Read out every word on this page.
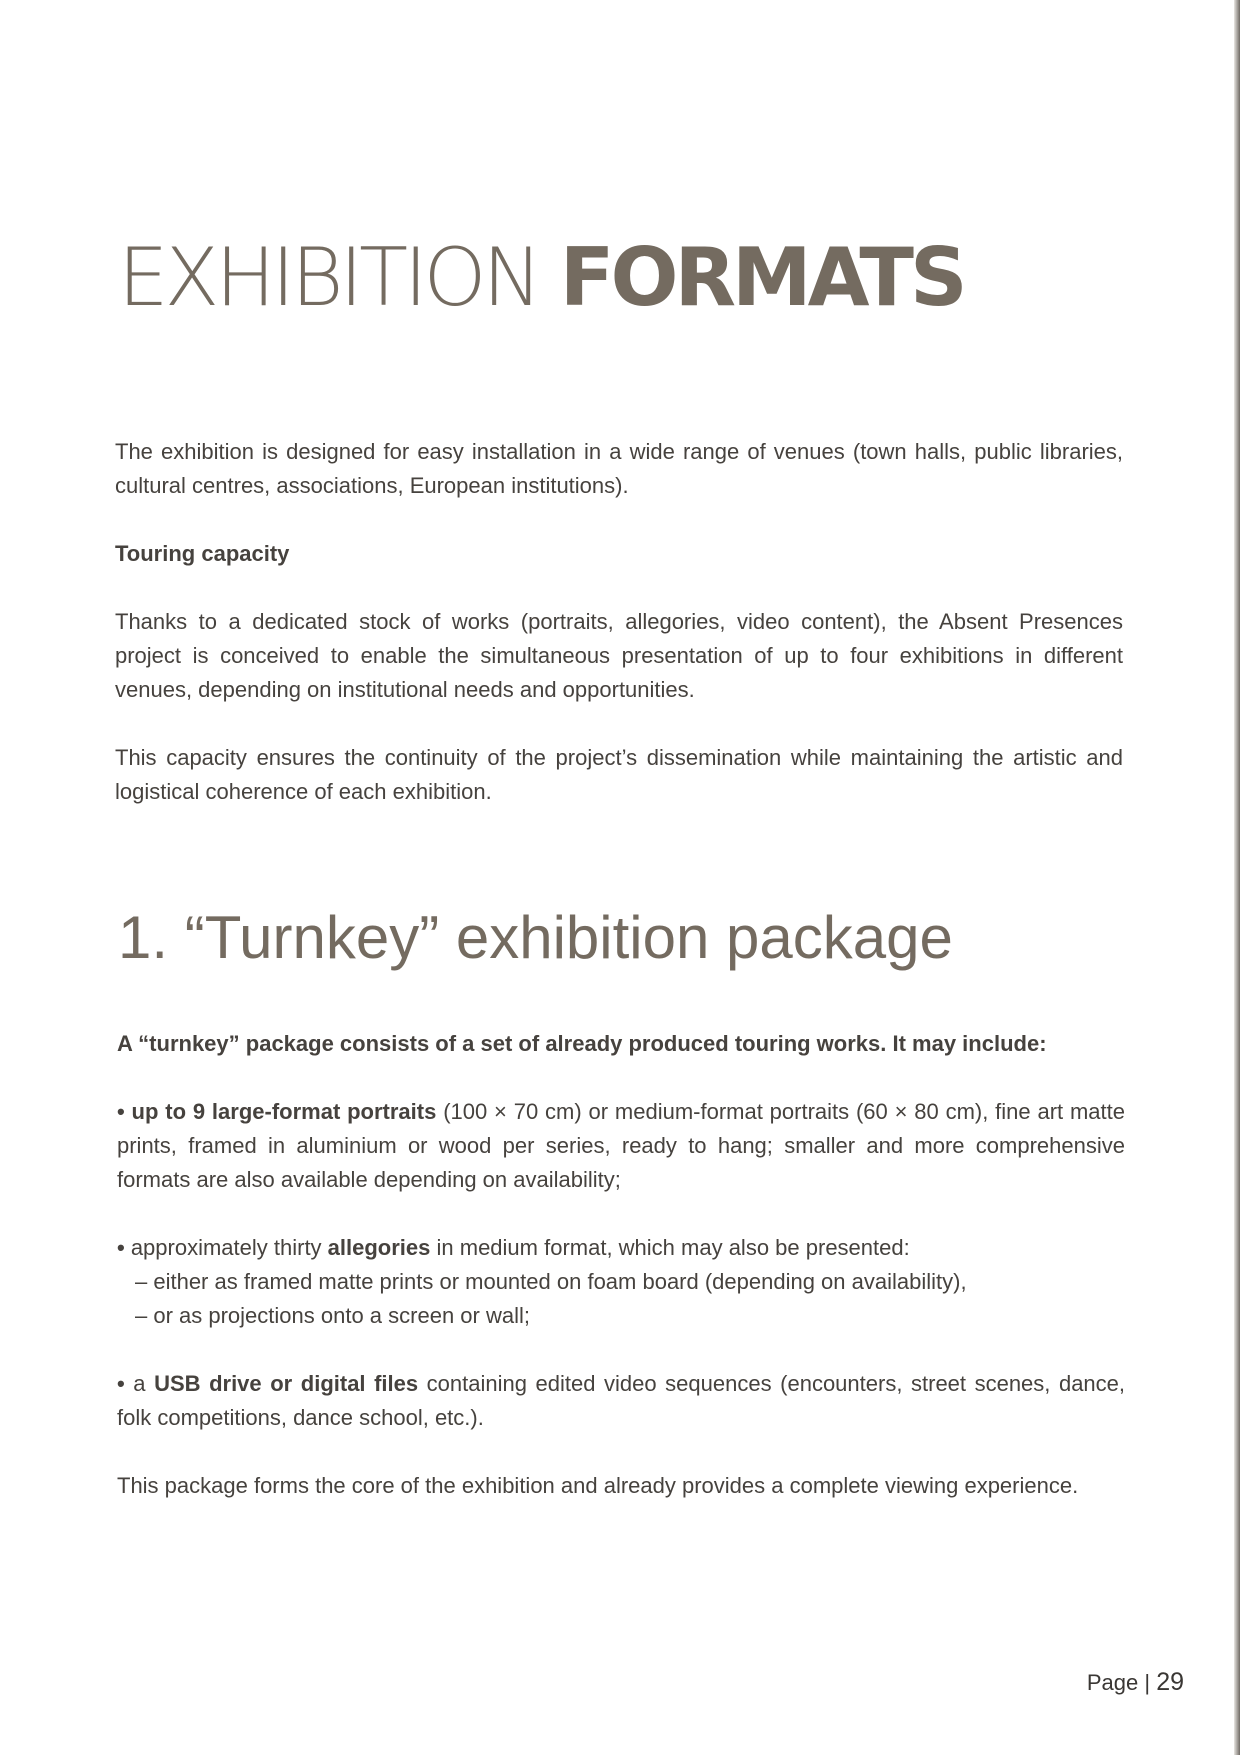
EXHIBITION FORMATS

The exhibition is designed for easy installation in a wide range of venues (town halls, public libraries, cultural centres, associations, European institutions).

Touring capacity

Thanks to a dedicated stock of works (portraits, allegories, video content), the Absent Presences project is conceived to enable the simultaneous presentation of up to four exhibitions in different venues, depending on institutional needs and opportunities.

This capacity ensures the continuity of the project’s dissemination while maintaining the artistic and logistical coherence of each exhibition.

1. “Turnkey” exhibition package

A “turnkey” package consists of a set of already produced touring works. It may include:

• up to 9 large-format portraits (100 × 70 cm) or medium-format portraits (60 × 80 cm), fine art matte prints, framed in aluminium or wood per series, ready to hang; smaller and more comprehensive formats are also available depending on availability;

• approximately thirty allegories in medium format, which may also be presented:

– either as framed matte prints or mounted on foam board (depending on availability),

– or as projections onto a screen or wall;

• a USB drive or digital files containing edited video sequences (encounters, street scenes, dance, folk competitions, dance school, etc.).

This package forms the core of the exhibition and already provides a complete viewing experience.

Page | 29
